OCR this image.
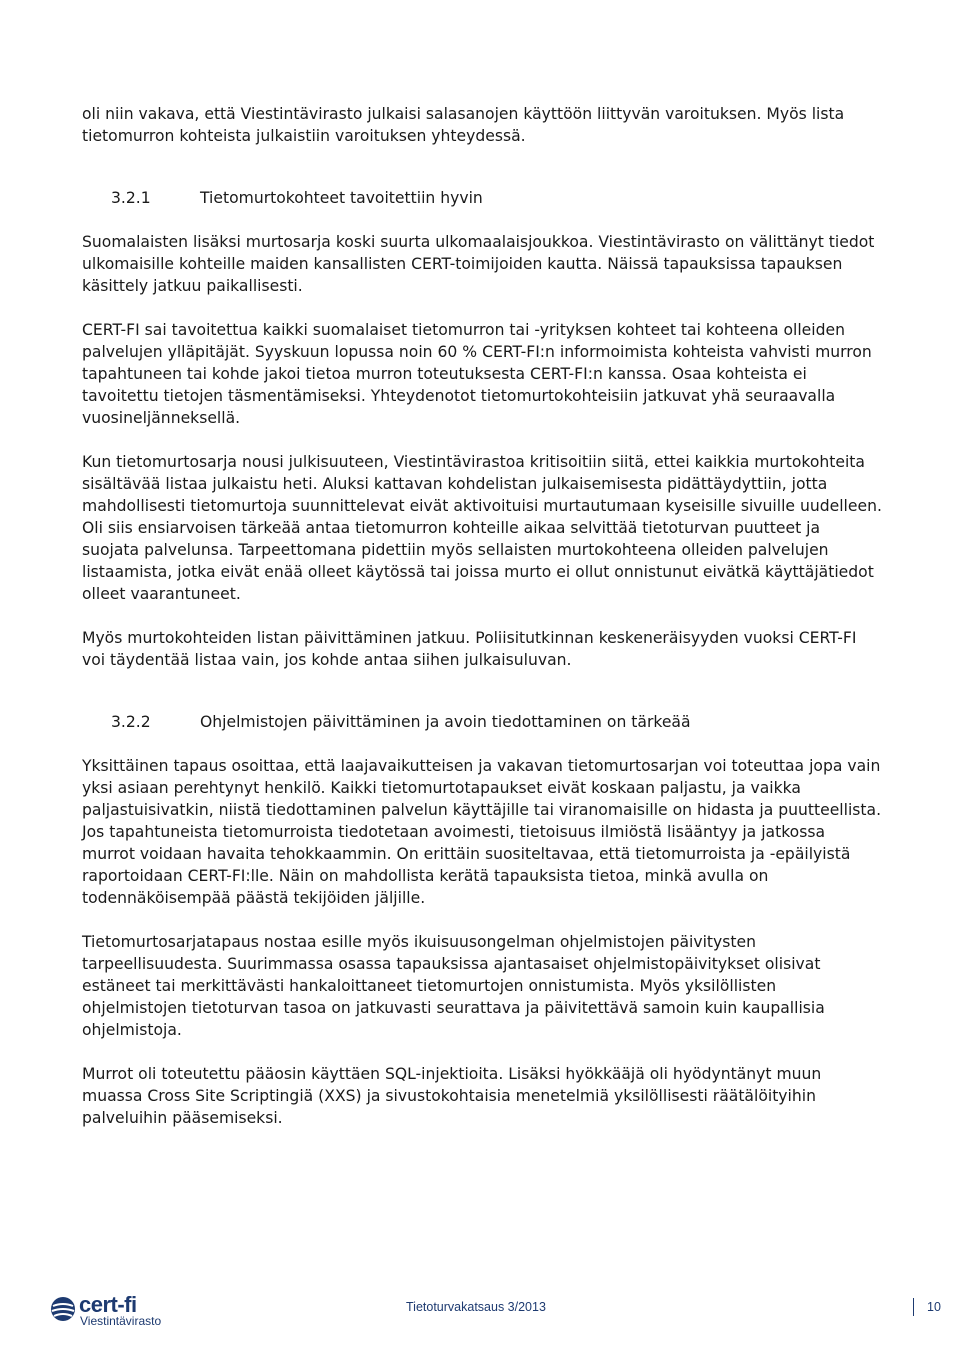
oli niin vakava, että Viestintävirasto julkaisi salasanojen käyttöön liittyvän varoituksen. Myös lista tietomurron kohteista julkaistiin varoituksen yhteydessä.

3.2.1	Tietomurtokohteet tavoitettiin hyvin

Suomalaisten lisäksi murtosarja koski suurta ulkomaalaisjoukkoa. Viestintävirasto on välittänyt tiedot ulkomaisille kohteille maiden kansallisten CERT-toimijoiden kautta. Näissä tapauksissa tapauksen käsittely jatkuu paikallisesti.

CERT-FI sai tavoitettua kaikki suomalaiset tietomurron tai -yrityksen kohteet tai kohteena olleiden palvelujen ylläpitäjät. Syyskuun lopussa noin 60 % CERT-FI:n informoimista kohteista vahvisti murron tapahtuneen tai kohde jakoi tietoa murron toteutuksesta CERT-FI:n kanssa. Osaa kohteista ei tavoitettu tietojen täsmentämiseksi. Yhteydenotot tietomurtokohteisiin jatkuvat yhä seuraavalla vuosineljänneksellä.

Kun tietomurtosarja nousi julkisuuteen, Viestintävirastoa kritisoitiin siitä, ettei kaikkia murtokohteita sisältävää listaa julkaistu heti. Aluksi kattavan kohdelistan julkaisemisesta pidättäydyttiin, jotta mahdollisesti tietomurtoja suunnittelevat eivät aktivoituisi murtautumaan kyseisille sivuille uudelleen. Oli siis ensiarvoisen tärkeää antaa tietomurron kohteille aikaa selvittää tietoturvan puutteet ja suojata palvelunsa. Tarpeettomana pidettiin myös sellaisten murtokohteena olleiden palvelujen listaamista, jotka eivät enää olleet käytössä tai joissa murto ei ollut onnistunut eivätkä käyttäjätiedot olleet vaarantuneet.

Myös murtokohteiden listan päivittäminen jatkuu. Poliisitutkinnan keskeneräisyyden vuoksi CERT-FI voi täydentää listaa vain, jos kohde antaa siihen julkaisuluvan.

3.2.2	Ohjelmistojen päivittäminen ja avoin tiedottaminen on tärkeää

Yksittäinen tapaus osoittaa, että laajavaikutteisen ja vakavan tietomurtosarjan voi toteuttaa jopa vain yksi asiaan perehtynyt henkilö. Kaikki tietomurtotapaukset eivät koskaan paljastu, ja vaikka paljastuisivatkin, niistä tiedottaminen palvelun käyttäjille tai viranomaisille on hidasta ja puutteellista. Jos tapahtuneista tietomurroista tiedotetaan avoimesti, tietoisuus ilmiöstä lisääntyy ja jatkossa murrot voidaan havaita tehokkaammin. On erittäin suositeltavaa, että tietomurroista ja -epäilyistä raportoidaan CERT-FI:lle. Näin on mahdollista kerätä tapauksista tietoa, minkä avulla on todennäköisempää päästä tekijöiden jäljille.

Tietomurtosarjatapaus nostaa esille myös ikuisuusongelman ohjelmistojen päivitysten tarpeellisuudesta. Suurimmassa osassa tapauksissa ajantasaiset ohjelmistopäivitykset olisivat estäneet tai merkittävästi hankaloittaneet tietomurtojen onnistumista. Myös yksilöllisten ohjelmistojen tietoturvan tasoa on jatkuvasti seurattava ja päivitettävä samoin kuin kaupallisia ohjelmistoja.

Murrot oli toteutettu pääosin käyttäen SQL-injektioita. Lisäksi hyökkääjä oli hyödyntänyt muun muassa Cross Site Scriptingiä (XXS) ja sivustokohtaisia menetelmiä yksilöllisesti räätälöityihin palveluihin pääsemiseksi.

cert-fi
Viestintävirasto
Tietoturvakatsaus 3/2013	10
